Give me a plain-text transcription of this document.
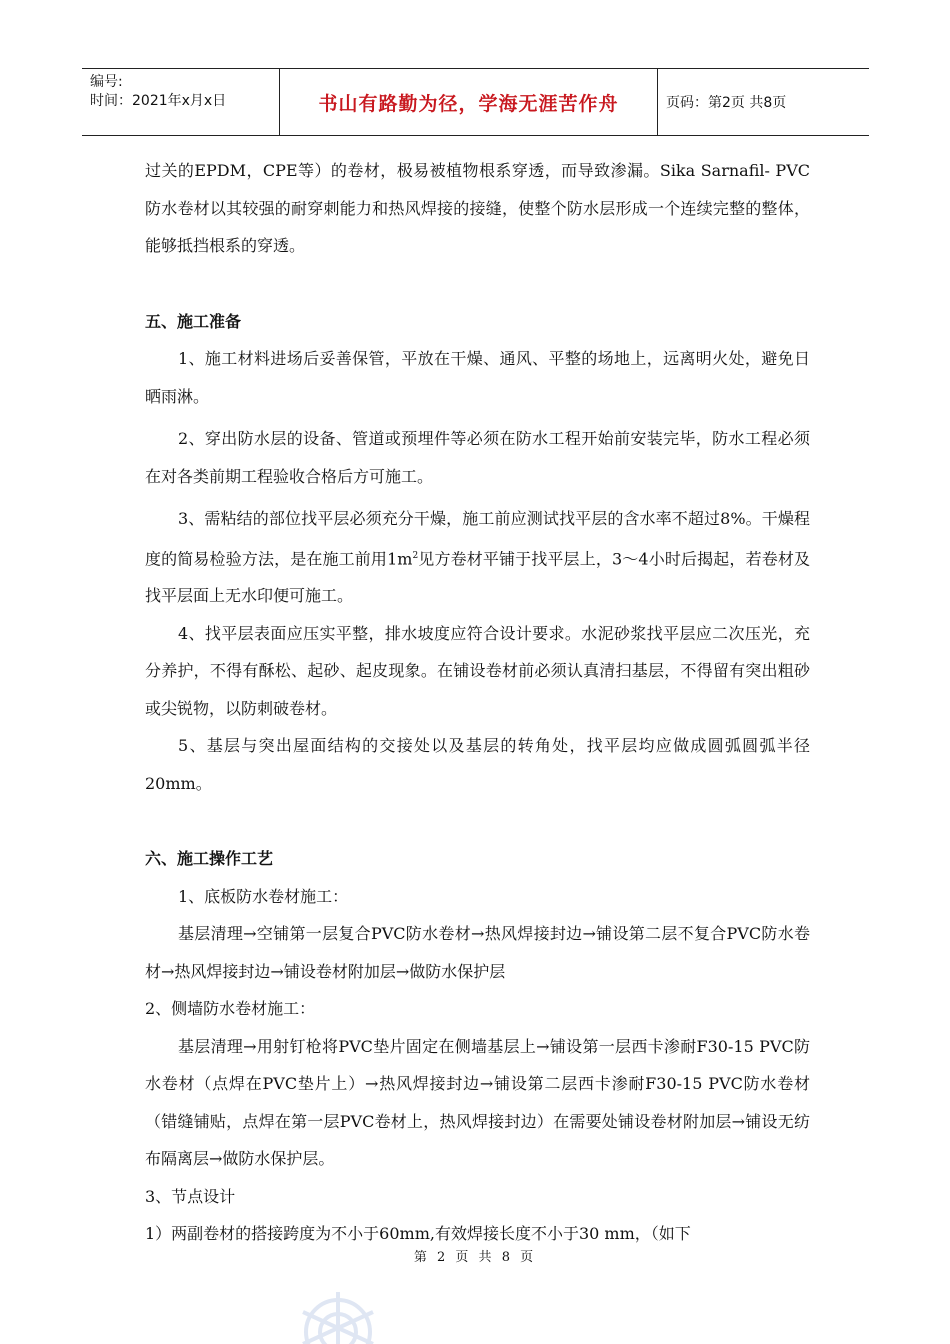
编号:
时间：2021年x月x日	书山有路勤为径，学海无涯苦作舟	页码：第2页 共8页

过关的EPDM，CPE等）的卷材，极易被植物根系穿透，而导致渗漏。Sika Sarnafil- PVC防水卷材以其较强的耐穿刺能力和热风焊接的接缝，使整个防水层形成一个连续完整的整体，能够抵挡根系的穿透。

五、施工准备

1、施工材料进场后妥善保管，平放在干燥、通风、平整的场地上，远离明火处，避免日晒雨淋。

2、穿出防水层的设备、管道或预埋件等必须在防水工程开始前安装完毕，防水工程必须在对各类前期工程验收合格后方可施工。

3、需粘结的部位找平层必须充分干燥，施工前应测试找平层的含水率不超过8%。干燥程度的简易检验方法，是在施工前用$1m^2$见方卷材平铺于找平层上，3～4小时后揭起，若卷材及找平层面上无水印便可施工。

4、找平层表面应压实平整，排水坡度应符合设计要求。水泥砂浆找平层应二次压光，充分养护，不得有酥松、起砂、起皮现象。在铺设卷材前必须认真清扫基层，不得留有突出粗砂或尖锐物，以防刺破卷材。

5、基层与突出屋面结构的交接处以及基层的转角处，找平层均应做成圆弧圆弧半径20mm。

六、施工操作工艺

1、底板防水卷材施工：

基层清理→空铺第一层复合PVC防水卷材→热风焊接封边→铺设第二层不复合PVC防水卷材→热风焊接封边→铺设卷材附加层→做防水保护层

2、侧墙防水卷材施工：

基层清理→用射钉枪将PVC垫片固定在侧墙基层上→铺设第一层西卡渗耐F30-15 PVC防水卷材（点焊在PVC垫片上）→热风焊接封边→铺设第二层西卡渗耐F30-15 PVC防水卷材（错缝铺贴，点焊在第一层PVC卷材上，热风焊接封边）在需要处铺设卷材附加层→铺设无纺布隔离层→做防水保护层。

3、节点设计

1）两副卷材的搭接跨度为不小于60mm,有效焊接长度不小于30 mm，（如下

第 2 页 共 8 页
